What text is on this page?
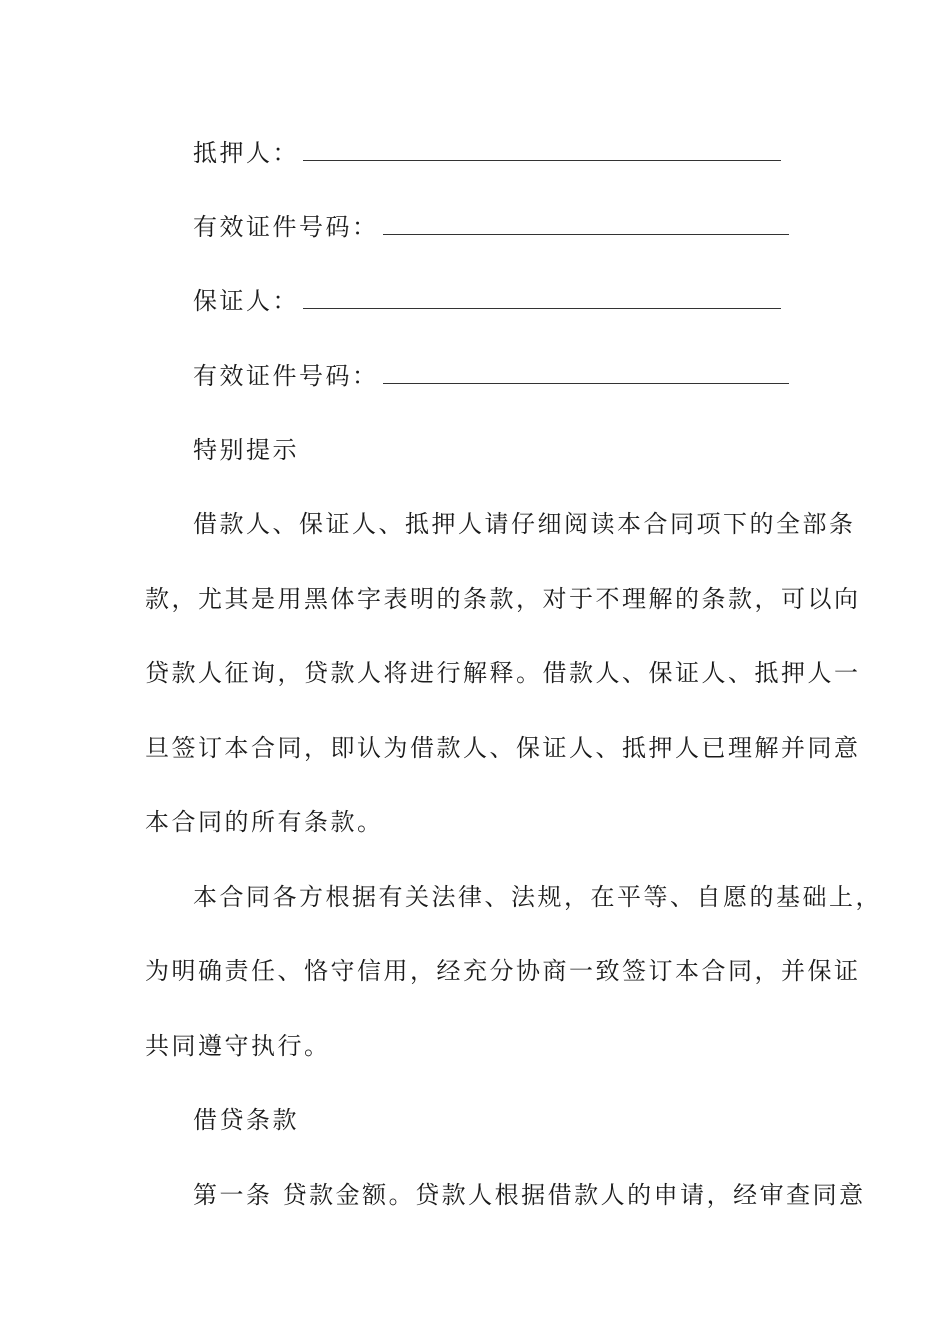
抵押人：
有效证件号码：
保证人：
有效证件号码：
特别提示
借款人、保证人、抵押人请仔细阅读本合同项下的全部条
款，尤其是用黑体字表明的条款，对于不理解的条款，可以向
贷款人征询，贷款人将进行解释。借款人、保证人、抵押人一
旦签订本合同，即认为借款人、保证人、抵押人已理解并同意
本合同的所有条款。
本合同各方根据有关法律、法规，在平等、自愿的基础上，
为明确责任、恪守信用，经充分协商一致签订本合同，并保证
共同遵守执行。
借贷条款
第一条 贷款金额。贷款人根据借款人的申请，经审查同意
